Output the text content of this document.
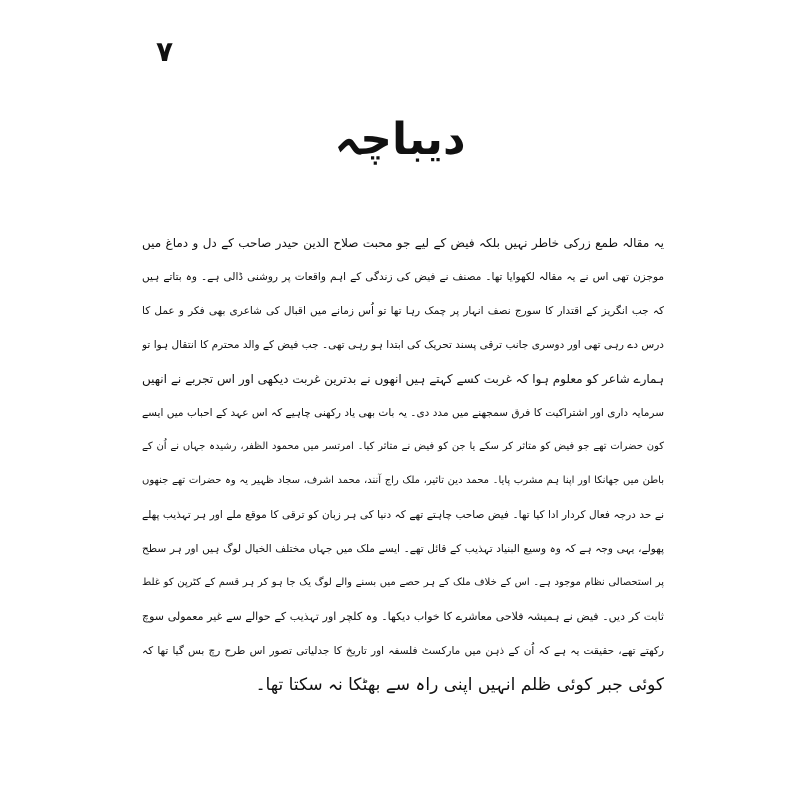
۷
دیباچہ
یہ مقالہ طمع زرکی خاطر نہیں بلکہ فیض کے لیے جو محبت صلاح الدین حیدر صاحب کے دل و دماغ میں
موجزن تھی اس نے یہ مقالہ لکھوایا تھا۔ مصنف نے فیض کی زندگی کے اہم واقعات پر روشنی ڈالی ہے۔ وہ بتاتے ہیں
کہ جب انگریز کے اقتدار کا سورج نصف انہار پر چمک رہا تھا تو اُس زمانے میں اقبال کی شاعری بھی فکر و عمل کا
درس دے رہی تھی اور دوسری جانب ترقی پسند تحریک کی ابتدا ہو رہی تھی۔ جب فیض کے والد محترم کا انتقال ہوا تو
ہمارے شاعر کو معلوم ہوا کہ غربت کسے کہتے ہیں انھوں نے بدترین غربت دیکھی اور اس تجربے نے انھیں
سرمایہ داری اور اشتراکیت کا فرق سمجھنے میں مدد دی۔ یہ بات بھی یاد رکھنی چاہیے کہ اس عہد کے احباب میں ایسے
کون حضرات تھے جو فیض کو متاثر کر سکے یا جن کو فیض نے متاثر کیا۔ امرتسر میں محمود الظفر، رشیدہ جہاں نے اُن کے
باطن میں جھانکا اور اپنا ہم مشرب پایا۔ محمد دین تاثیر، ملک راج آنند، محمد اشرف، سجاد ظہیر یہ وہ حضرات تھے جنھوں
نے حد درجہ فعال کردار ادا کیا تھا۔ فیض صاحب چاہتے تھے کہ دنیا کی ہر زبان کو ترقی کا موقع ملے اور ہر تہذیب پھلے
پھولے، یہی وجہ ہے کہ وہ وسیع البنیاد تہذیب کے قائل تھے۔ ایسے ملک میں جہاں مختلف الخیال لوگ ہیں اور ہر سطح
پر استحصالی نظام موجود ہے۔ اس کے خلاف ملک کے ہر حصے میں بسنے والے لوگ یک جا ہو کر ہر قسم کے کٹرپن کو غلط
ثابت کر دیں۔ فیض نے ہمیشہ فلاحی معاشرے کا خواب دیکھا۔ وہ کلچر اور تہذیب کے حوالے سے غیر معمولی سوچ
رکھتے تھے، حقیقت یہ ہے کہ اُن کے ذہن میں مارکسٹ فلسفہ اور تاریخ کا جدلیاتی تصور اس طرح رچ بس گیا تھا کہ
کوئی جبر کوئی ظلم انہیں اپنی راہ سے بھٹکا نہ سکتا تھا۔
